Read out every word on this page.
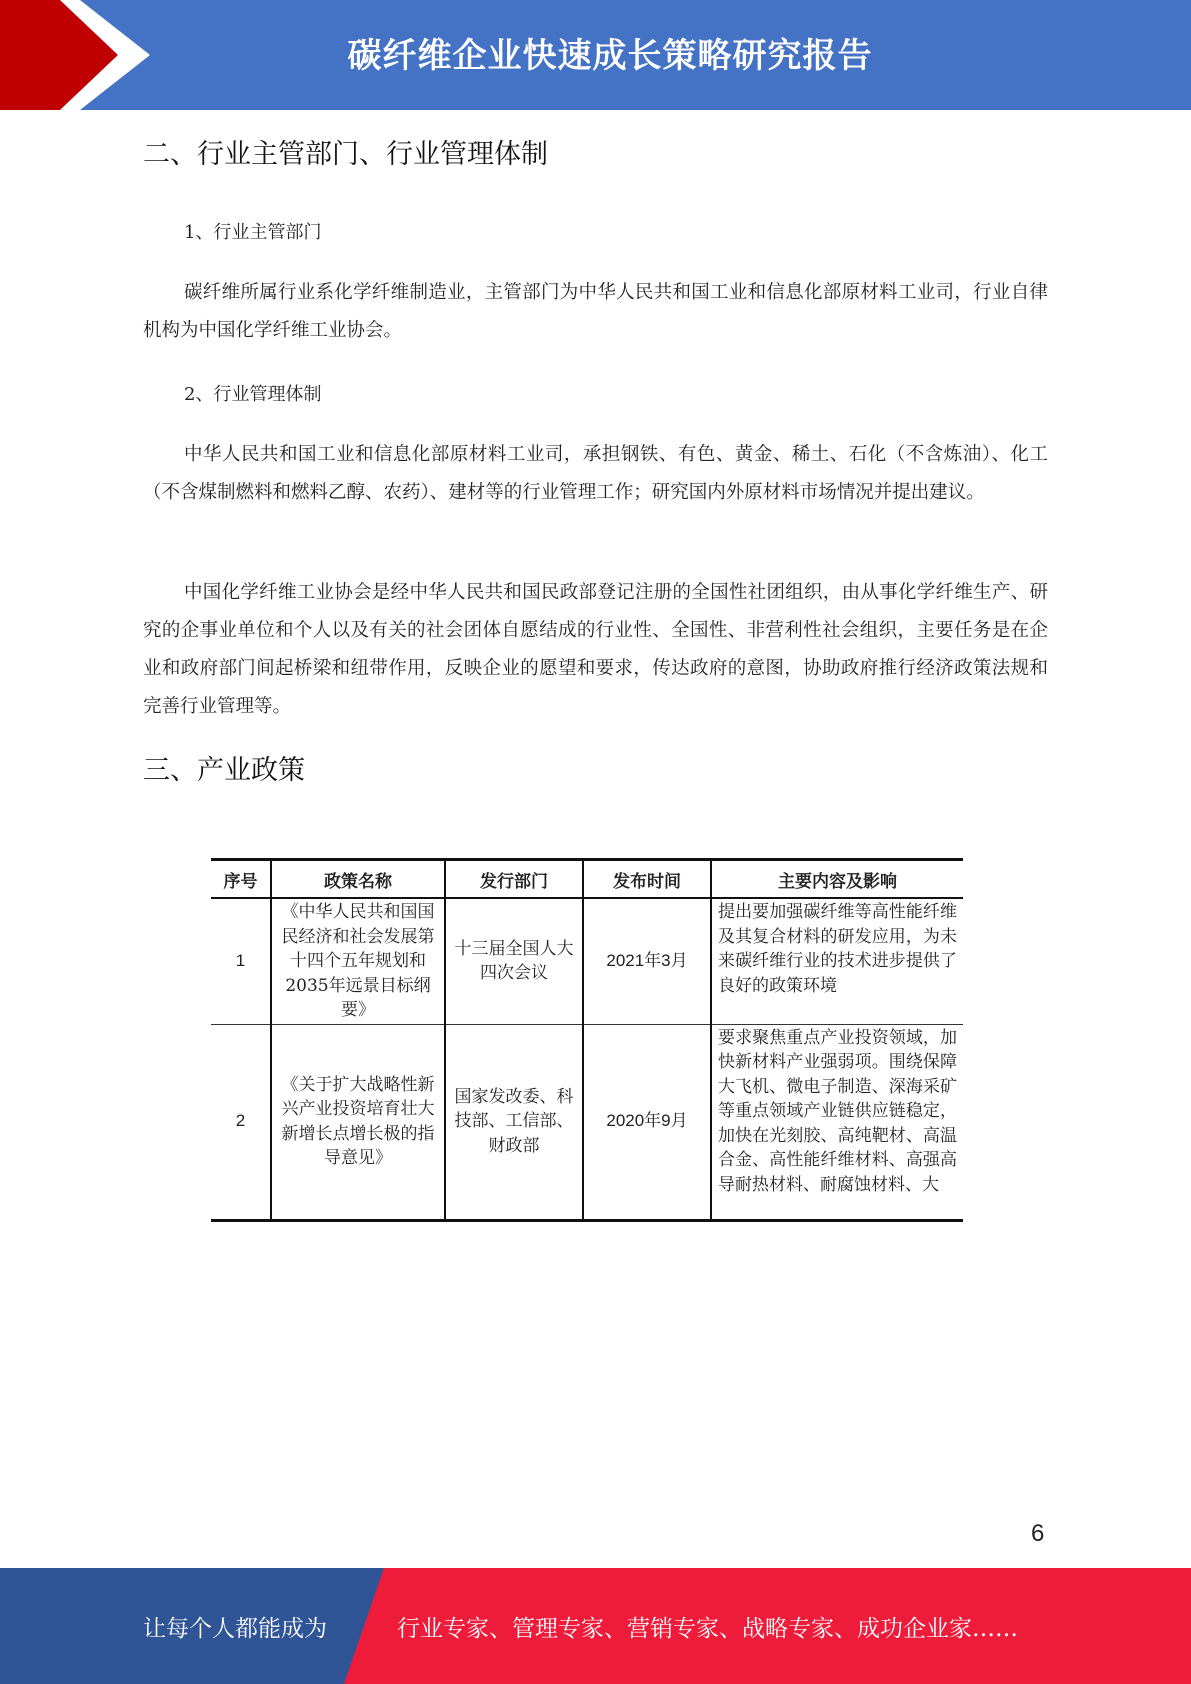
碳纤维企业快速成长策略研究报告
二、行业主管部门、行业管理体制
1、行业主管部门
碳纤维所属行业系化学纤维制造业，主管部门为中华人民共和国工业和信息化部原材料工业司，行业自律机构为中国化学纤维工业协会。
2、行业管理体制
中华人民共和国工业和信息化部原材料工业司，承担钢铁、有色、黄金、稀土、石化（不含炼油）、化工（不含煤制燃料和燃料乙醇、农药）、建材等的行业管理工作；研究国内外原材料市场情况并提出建议。
中国化学纤维工业协会是经中华人民共和国民政部登记注册的全国性社团组织，由从事化学纤维生产、研究的企事业单位和个人以及有关的社会团体自愿结成的行业性、全国性、非营利性社会组织，主要任务是在企业和政府部门间起桥梁和纽带作用，反映企业的愿望和要求，传达政府的意图，协助政府推行经济政策法规和完善行业管理等。
三、产业政策
序号	政策名称	发行部门	发布时间	主要内容及影响
1	《中华人民共和国国民经济和社会发展第十四个五年规划和2035年远景目标纲要》	十三届全国人大四次会议	2021年3月	提出要加强碳纤维等高性能纤维及其复合材料的研发应用，为未来碳纤维行业的技术进步提供了良好的政策环境
2	《关于扩大战略性新兴产业投资培育壮大新增长点增长极的指导意见》	国家发改委、科技部、工信部、财政部	2020年9月	要求聚焦重点产业投资领域，加快新材料产业强弱项。围绕保障大飞机、微电子制造、深海采矿等重点领域产业链供应链稳定，加快在光刻胶、高纯靶材、高温合金、高性能纤维材料、高强高导耐热材料、耐腐蚀材料、大
6
让每个人都能成为	行业专家、管理专家、营销专家、战略专家、成功企业家……
